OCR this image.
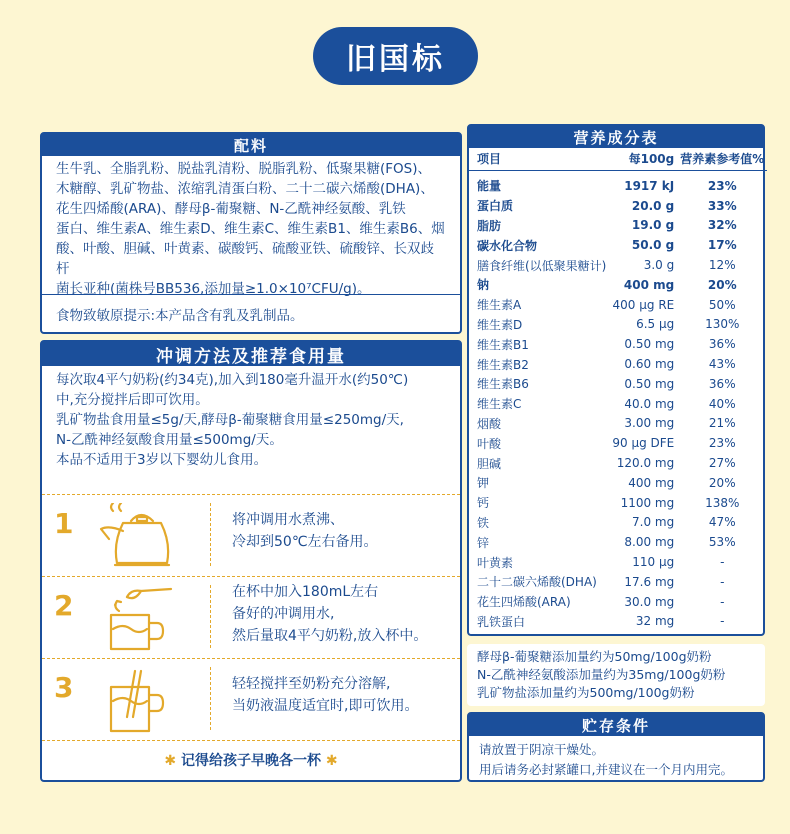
旧国标
配料
生牛乳、全脂乳粉、脱盐乳清粉、脱脂乳粉、低聚果糖(FOS)、
木糖醇、乳矿物盐、浓缩乳清蛋白粉、二十二碳六烯酸(DHA)、
花生四烯酸(ARA)、酵母β-葡聚糖、N-乙酰神经氨酸、乳铁
蛋白、维生素A、维生素D、维生素C、维生素B1、维生素B6、烟
酸、叶酸、胆碱、叶黄素、碳酸钙、硫酸亚铁、硫酸锌、长双歧杆
菌长亚种(菌株号BB536,添加量≥1.0×10⁷CFU/g)。
食物致敏原提示:本产品含有乳及乳制品。
冲调方法及推荐食用量
每次取4平勺奶粉(约34克),加入到180毫升温开水(约50℃)
中,充分搅拌后即可饮用。
乳矿物盐食用量≤5g/天,酵母β-葡聚糖食用量≤250mg/天,
N-乙酰神经氨酸食用量≤500mg/天。
本品不适用于3岁以下婴幼儿食用。
1	将冲调用水煮沸、
冷却到50℃左右备用。
2	在杯中加入180mL左右
备好的冲调用水,
然后量取4平勺奶粉,放入杯中。
3	轻轻搅拌至奶粉充分溶解,
当奶液温度适宜时,即可饮用。
✱ 记得给孩子早晚各一杯 ✱
营养成分表
项目	每100g	营养素参考值%

能量	1917 kJ	23%
蛋白质	20.0 g	33%
脂肪	19.0 g	32%
碳水化合物	50.0 g	17%
膳食纤维(以低聚果糖计)	3.0 g	12%
钠	400 mg	20%
维生素A	400 μg RE	50%
维生素D	6.5 μg	130%
维生素B1	0.50 mg	36%
维生素B2	0.60 mg	43%
维生素B6	0.50 mg	36%
维生素C	40.0 mg	40%
烟酸	3.00 mg	21%
叶酸	90 μg DFE	23%
胆碱	120.0 mg	27%
钾	400 mg	20%
钙	1100 mg	138%
铁	7.0 mg	47%
锌	8.00 mg	53%
叶黄素	110 μg	-
二十二碳六烯酸(DHA)	17.6 mg	-
花生四烯酸(ARA)	30.0 mg	-
乳铁蛋白	32 mg	-
酵母β-葡聚糖添加量约为50mg/100g奶粉
N-乙酰神经氨酸添加量约为35mg/100g奶粉
乳矿物盐添加量约为500mg/100g奶粉
贮存条件
请放置于阴凉干燥处。
用后请务必封紧罐口,并建议在一个月内用完。
